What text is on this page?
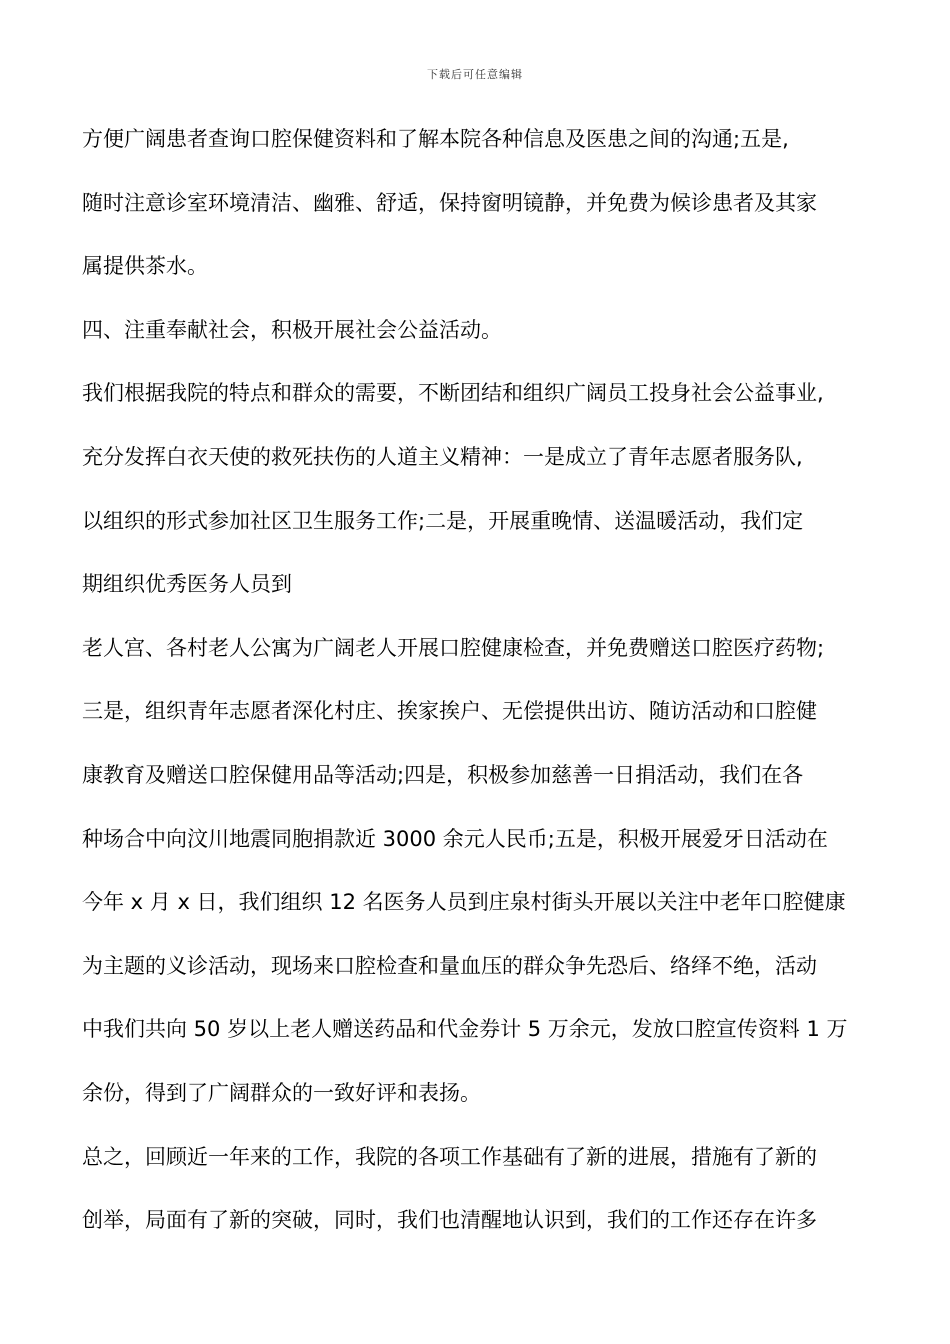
下载后可任意编辑
方便广阔患者查询口腔保健资料和了解本院各种信息及医患之间的沟通;五是,
随时注意诊室环境清洁、幽雅、舒适，保持窗明镜静，并免费为候诊患者及其家
属提供茶水。
四、注重奉献社会，积极开展社会公益活动。
我们根据我院的特点和群众的需要，不断团结和组织广阔员工投身社会公益事业,
充分发挥白衣天使的救死扶伤的人道主义精神：一是成立了青年志愿者服务队,
以组织的形式参加社区卫生服务工作;二是，开展重晚情、送温暖活动，我们定
期组织优秀医务人员到
老人宫、各村老人公寓为广阔老人开展口腔健康检查，并免费赠送口腔医疗药物;
三是，组织青年志愿者深化村庄、挨家挨户、无偿提供出访、随访活动和口腔健
康教育及赠送口腔保健用品等活动;四是，积极参加慈善一日捐活动，我们在各
种场合中向汶川地震同胞捐款近 3000 余元人民币;五是，积极开展爱牙日活动在
今年 x 月 x 日，我们组织 12 名医务人员到庄泉村街头开展以关注中老年口腔健康
为主题的义诊活动，现场来口腔检查和量血压的群众争先恐后、络绎不绝，活动
中我们共向 50 岁以上老人赠送药品和代金券计 5 万余元，发放口腔宣传资料 1 万
余份，得到了广阔群众的一致好评和表扬。
总之，回顾近一年来的工作，我院的各项工作基础有了新的进展，措施有了新的
创举，局面有了新的突破，同时，我们也清醒地认识到，我们的工作还存在许多
